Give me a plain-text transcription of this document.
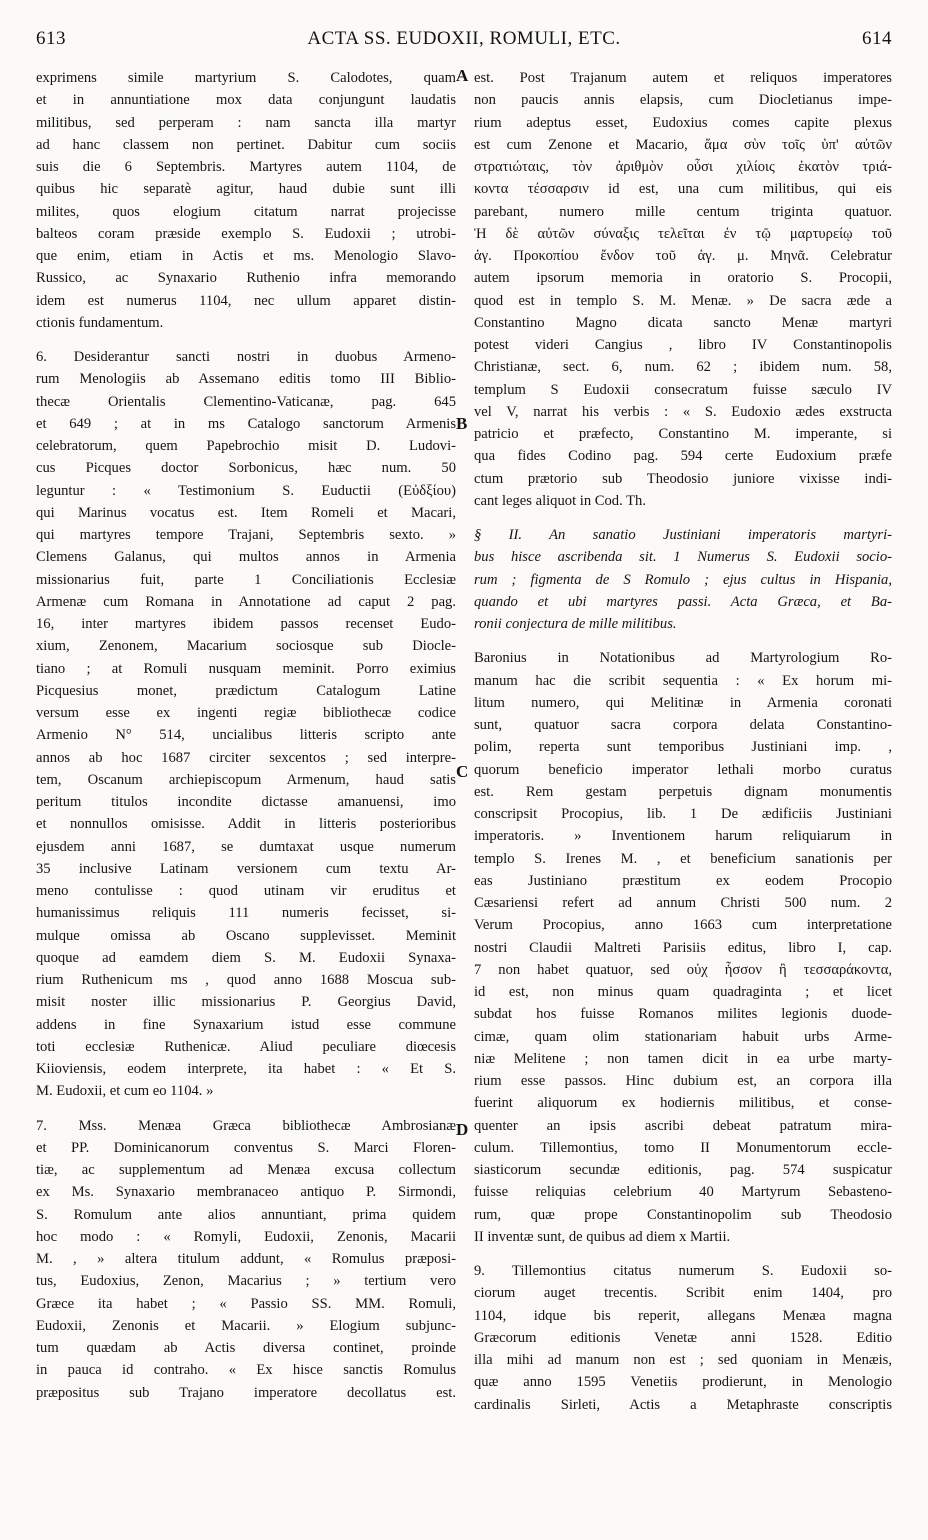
613	ACTA SS. EUDOXII, ROMULI, ETC.	614
A
B
C
D
exprimens simile martyrium S. Calodotes, quam
et in annuntiatione mox data conjungunt laudatis
militibus, sed perperam : nam sancta illa martyr
ad hanc classem non pertinet. Dabitur cum sociis
suis die 6 Septembris. Martyres autem 1104, de
quibus hic separatè agitur, haud dubie sunt illi
milites, quos elogium citatum narrat projecisse
balteos coram præside exemplo S. Eudoxii ; utrobi-
que enim, etiam in Actis et ms. Menologio Slavo-
Russico, ac Synaxario Ruthenio infra memorando
idem est numerus 1104, nec ullum apparet distin-
ctionis fundamentum.
6. Desiderantur sancti nostri in duobus Armeno-
rum Menologiis ab Assemano editis tomo III Biblio-
thecæ Orientalis Clementino-Vaticanæ, pag. 645
et 649 ; at in ms Catalogo sanctorum Armenis
celebratorum, quem Papebrochio misit D. Ludovi-
cus Picques doctor Sorbonicus, hæc num. 50
leguntur : « Testimonium S. Euductii (Εὐδξίου)
qui Marinus vocatus est. Item Romeli et Macari,
qui martyres tempore Trajani, Septembris sexto. »
Clemens Galanus, qui multos annos in Armenia
missionarius fuit, parte 1 Conciliationis Ecclesiæ
Armenæ cum Romana in Annotatione ad caput 2 pag.
16, inter martyres ibidem passos recenset Eudo-
xium, Zenonem, Macarium sociosque sub Diocle-
tiano ; at Romuli nusquam meminit. Porro eximius
Picquesius monet, prædictum Catalogum Latine
versum esse ex ingenti regiæ bibliothecæ codice
Armenio N° 514, uncialibus litteris scripto ante
annos ab hoc 1687 circiter sexcentos ; sed interpre-
tem, Oscanum archiepiscopum Armenum, haud satis
peritum titulos incondite dictasse amanuensi, imo
et nonnullos omisisse. Addit in litteris posterioribus
ejusdem anni 1687, se dumtaxat usque numerum
35 inclusive Latinam versionem cum textu Ar-
meno contulisse : quod utinam vir eruditus et
humanissimus reliquis 111 numeris fecisset, si-
mulque omissa ab Oscano supplevisset. Meminit
quoque ad eamdem diem S. M. Eudoxii Synaxa-
rium Ruthenicum ms , quod anno 1688 Moscua sub-
misit noster illic missionarius P. Georgius David,
addens in fine Synaxarium istud esse commune
toti ecclesiæ Ruthenicæ. Aliud peculiare diœcesis
Kiioviensis, eodem interprete, ita habet : « Et S.
M. Eudoxii, et cum eo 1104. »
7. Mss. Menæa Græca bibliothecæ Ambrosianæ
et PP. Dominicanorum conventus S. Marci Floren-
tiæ, ac supplementum ad Menæa excusa collectum
ex Ms. Synaxario membranaceo antiquo P. Sirmondi,
S. Romulum ante alios annuntiant, prima quidem
hoc modo : « Romyli, Eudoxii, Zenonis, Macarii
M. , » altera titulum addunt, « Romulus præposi-
tus, Eudoxius, Zenon, Macarius ; » tertium vero
Græce ita habet ; « Passio SS. MM. Romuli,
Eudoxii, Zenonis et Macarii. » Elogium subjunc-
tum quædam ab Actis diversa continet, proinde
in pauca id contraho. « Ex hisce sanctis Romulus
præpositus sub Trajano imperatore decollatus est.
est. Post Trajanum autem et reliquos imperatores
non paucis annis elapsis, cum Diocletianus impe-
rium adeptus esset, Eudoxius comes capite plexus
est cum Zenone et Macario, ἅμα σὺν τοῖς ὑπ' αὐτῶν
στρατιώταις, τὸν ἀριθμὸν οὖσι χιλίοις ἑκατὸν τριά-
κοντα τέσσαρσιν id est, una cum militibus, qui eis
parebant, numero mille centum triginta quatuor.
Ἡ δὲ αὐτῶν σύναξις τελεῖται ἐν τῷ μαρτυρείῳ τοῦ
ἁγ. Προκοπίου ἔνδον τοῦ ἁγ. μ. Μηνᾶ. Celebratur
autem ipsorum memoria in oratorio S. Procopii,
quod est in templo S. M. Menæ. » De sacra æde a
Constantino Magno dicata sancto Menæ martyri
potest videri Cangius , libro IV Constantinopolis
Christianæ, sect. 6, num. 62 ; ibidem num. 58,
templum S Eudoxii consecratum fuisse sæculo IV
vel V, narrat his verbis : « S. Eudoxio ædes exstructa
patricio et præfecto, Constantino M. imperante, si
qua fides Codino pag. 594 certe Eudoxium præfe
ctum prætorio sub Theodosio juniore vixisse indi-
cant leges aliquot in Cod. Th.
§ II. An sanatio Justiniani imperatoris martyri-
bus hisce ascribenda sit. 1 Numerus S. Eudoxii socio-
rum ; figmenta de S Romulo ; ejus cultus in Hispania,
quando et ubi martyres passi. Acta Græca, et Ba-
ronii conjectura de mille militibus.
Baronius in Notationibus ad Martyrologium Ro-
manum hac die scribit sequentia : « Ex horum mi-
litum numero, qui Melitinæ in Armenia coronati
sunt, quatuor sacra corpora delata Constantino-
polim, reperta sunt temporibus Justiniani imp. ,
quorum beneficio imperator lethali morbo curatus
est. Rem gestam perpetuis dignam monumentis
conscripsit Procopius, lib. 1 De ædificiis Justiniani
imperatoris. » Inventionem harum reliquiarum in
templo S. Irenes M. , et beneficium sanationis per
eas Justiniano præstitum ex eodem Procopio
Cæsariensi refert ad annum Christi 500 num. 2
Verum Procopius, anno 1663 cum interpretatione
nostri Claudii Maltreti Parisiis editus, libro I, cap.
7 non habet quatuor, sed οὐχ ἧσσον ἢ τεσσαράκοντα,
id est, non minus quam quadraginta ; et licet
subdat hos fuisse Romanos milites legionis duode-
cimæ, quam olim stationariam habuit urbs Arme-
niæ Melitene ; non tamen dicit in ea urbe marty-
rium esse passos. Hinc dubium est, an corpora illa
fuerint aliquorum ex hodiernis militibus, et conse-
quenter an ipsis ascribi debeat patratum mira-
culum. Tillemontius, tomo II Monumentorum eccle-
siasticorum secundæ editionis, pag. 574 suspicatur
fuisse reliquias celebrium 40 Martyrum Sebasteno-
rum, quæ prope Constantinopolim sub Theodosio
II inventæ sunt, de quibus ad diem x Martii.
9. Tillemontius citatus numerum S. Eudoxii so-
ciorum auget trecentis. Scribit enim 1404, pro
1104, idque bis reperit, allegans Menæa magna
Græcorum editionis Venetæ anni 1528. Editio
illa mihi ad manum non est ; sed quoniam in Menæis,
quæ anno 1595 Venetiis prodierunt, in Menologio
cardinalis Sirleti, Actis a Metaphraste conscriptis
